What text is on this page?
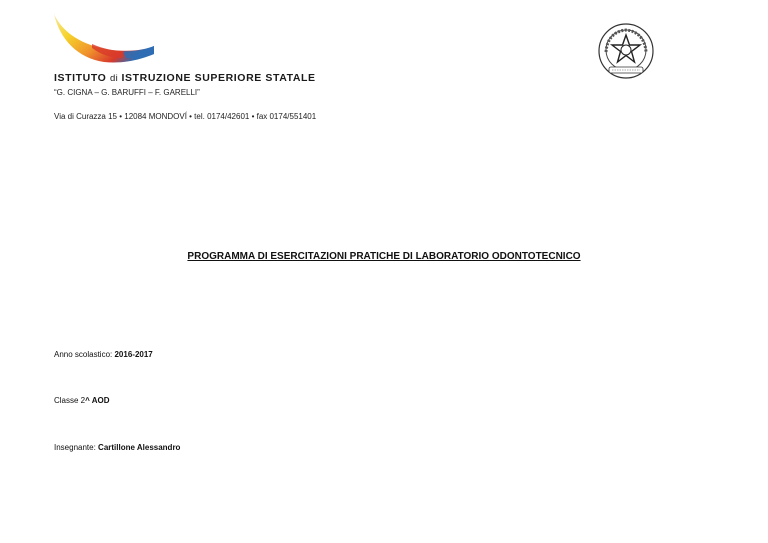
ISTITUTO di ISTRUZIONE SUPERIORE STATALE
“G. CIGNA – G. BARUFFI – F. GARELLI”
Via di Curazza 15 • 12084 MONDOVÍ • tel. 0174/42601 • fax 0174/551401
PROGRAMMA DI ESERCITAZIONI PRATICHE DI LABORATORIO ODONTOTECNICO
Anno scolastico: 2016-2017
Classe 2^ AOD
Insegnante: Cartillone Alessandro
